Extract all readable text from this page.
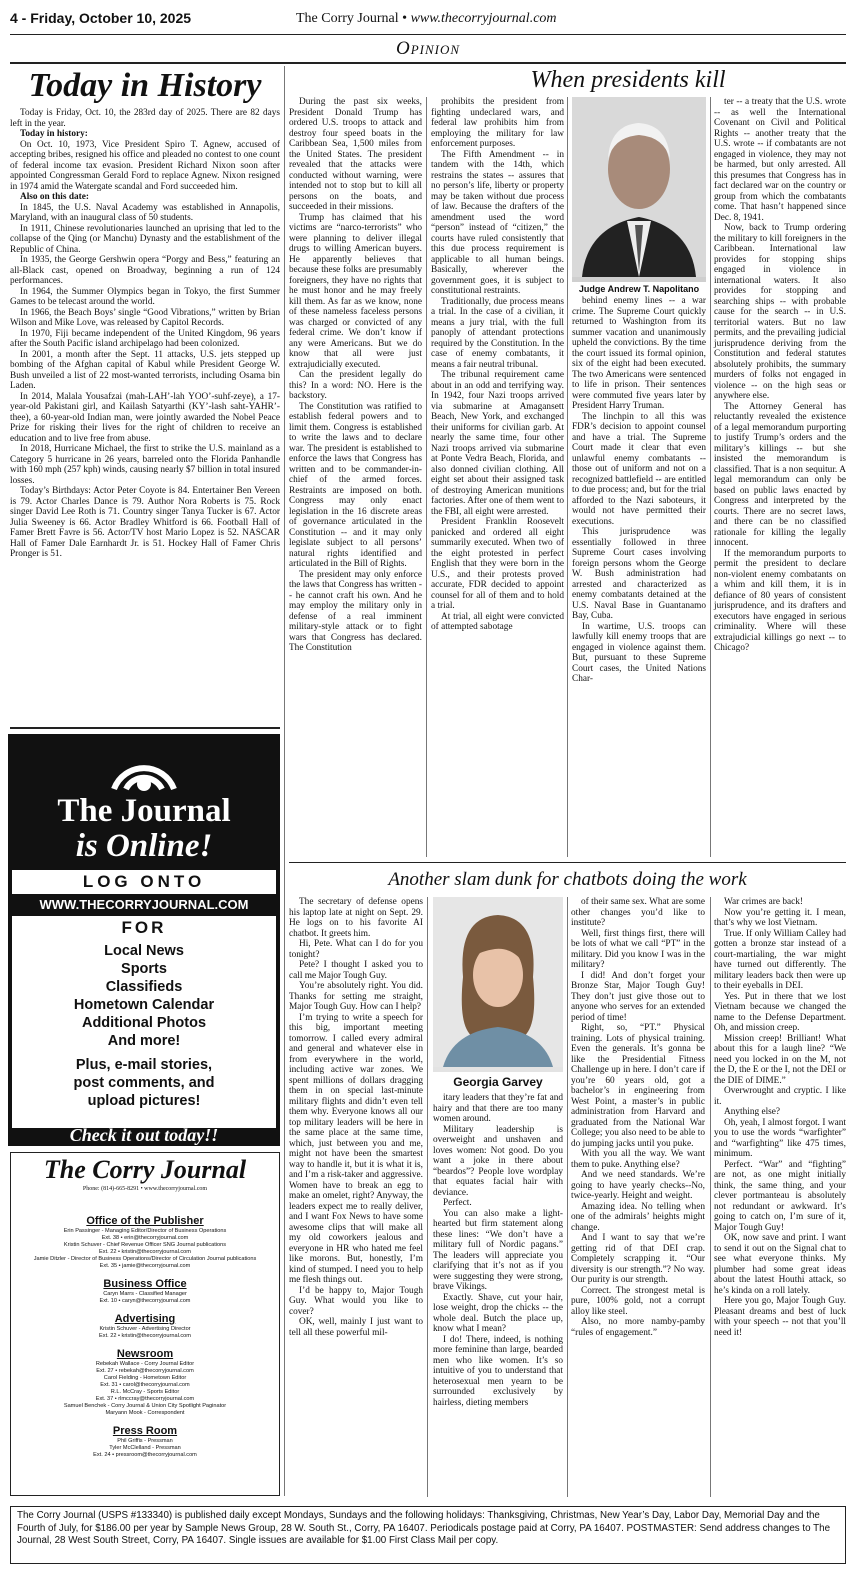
4 - Friday, October 10, 2025	The Corry Journal • www.thecorryjournal.com
Opinion
Today in History

Today is Friday, Oct. 10, the 283rd day of 2025. There are 82 days left in the year.

Today in history:

On Oct. 10, 1973, Vice President Spiro T. Agnew, accused of accepting bribes, resigned his office and pleaded no contest to one count of federal income tax evasion. President Richard Nixon soon after appointed Congressman Gerald Ford to replace Agnew. Nixon resigned in 1974 amid the Watergate scandal and Ford succeeded him.

Also on this date:

In 1845, the U.S. Naval Academy was established in Annapolis, Maryland, with an inaugural class of 50 students.

In 1911, Chinese revolutionaries launched an uprising that led to the collapse of the Qing (or Manchu) Dynasty and the establishment of the Republic of China.

In 1935, the George Gershwin opera “Porgy and Bess,” featuring an all-Black cast, opened on Broadway, beginning a run of 124 performances.

In 1964, the Summer Olympics began in Tokyo, the first Summer Games to be telecast around the world.

In 1966, the Beach Boys’ single “Good Vibrations,” written by Brian Wilson and Mike Love, was released by Capitol Records.

In 1970, Fiji became independent of the United Kingdom, 96 years after the South Pacific island archipelago had been colonized.

In 2001, a month after the Sept. 11 attacks, U.S. jets stepped up bombing of the Afghan capital of Kabul while President George W. Bush unveiled a list of 22 most-wanted terrorists, including Osama bin Laden.

In 2014, Malala Yousafzai (mah-LAH’-lah YOO’-suhf-zeye), a 17-year-old Pakistani girl, and Kailash Satyarthi (KY’-lash saht-YAHR’-thee), a 60-year-old Indian man, were jointly awarded the Nobel Peace Prize for risking their lives for the right of children to receive an education and to live free from abuse.

In 2018, Hurricane Michael, the first to strike the U.S. mainland as a Category 5 hurricane in 26 years, barreled onto the Florida Panhandle with 160 mph (257 kph) winds, causing nearly $7 billion in total insured losses.

Today’s Birthdays: Actor Peter Coyote is 84. Entertainer Ben Vereen is 79. Actor Charles Dance is 79. Author Nora Roberts is 75. Rock singer David Lee Roth is 71. Country singer Tanya Tucker is 67. Actor Julia Sweeney is 66. Actor Bradley Whitford is 66. Football Hall of Famer Brett Favre is 56. Actor/TV host Mario Lopez is 52. NASCAR Hall of Famer Dale Earnhardt Jr. is 51. Hockey Hall of Famer Chris Pronger is 51.

The Journal
is Online!
LOG ONTO
WWW.THECORRYJOURNAL.COM
FOR
Local News
Sports
Classifieds
Hometown Calendar
Additional Photos
And more!
Plus, e-mail stories,
post comments, and
upload pictures!
Check it out today!!
The Corry Journal
Phone: (814)-665-8291 • www.thecorryjournal.com
Office of the Publisher
Erin Passinger - Managing Editor/Director of Business Operations
Ext. 38 • erin@thecorryjournal.com
Kristin Schuver - Chief Revenue Officer SNG Journal publications
Ext. 22 • kristin@thecorryjournal.com
Jamie Ditzler - Director of Business Operations/Director of Circulation Journal publications
Ext. 35 • jamie@thecorryjournal.com
Business Office
Caryn Marrs - Classified Manager
Ext. 10 • caryn@thecorryjournal.com
Advertising
Kristin Schuver - Advertising Director
Ext. 22 • kristin@thecorryjournal.com
Newsroom
Rebekah Wallace - Corry Journal Editor
Ext. 27 • rebekah@thecorryjournal.com
Carol Fielding - Hometown Editor
Ext. 31 • carol@thecorryjournal.com
R.L. McCray - Sports Editor
Ext. 37 • rlmccray@thecorryjournal.com
Samuel Benchek - Corry Journal & Union City Spotlight Paginator
Maryann Mook - Correspondent
Press Room
Phil Griffis - Pressman
Tyler McClelland - Pressman
Ext. 24 • pressroom@thecorryjournal.com
When presidents kill

During the past six weeks, President Donald Trump has ordered U.S. troops to attack and destroy four speed boats in the Caribbean Sea, 1,500 miles from the United States. The president revealed that the attacks were conducted without warning, were intended not to stop but to kill all persons on the boats, and succeeded in their missions.

Trump has claimed that his victims are “narco-terrorists” who were planning to deliver illegal drugs to willing American buyers. He apparently believes that because these folks are presumably foreigners, they have no rights that he must honor and he may freely kill them. As far as we know, none of these nameless faceless persons was charged or convicted of any federal crime. We don’t know if any were Americans. But we do know that all were just extrajudicially executed.

Can the president legally do this? In a word: NO. Here is the backstory.

The Constitution was ratified to establish federal powers and to limit them. Congress is established to write the laws and to declare war. The president is established to enforce the laws that Congress has written and to be commander-in-chief of the armed forces. Restraints are imposed on both. Congress may only enact legislation in the 16 discrete areas of governance articulated in the Constitution -- and it may only legislate subject to all persons’ natural rights identified and articulated in the Bill of Rights.

The president may only enforce the laws that Congress has written -- he cannot craft his own. And he may employ the military only in defense of a real imminent military-style attack or to fight wars that Congress has declared. The Constitution

prohibits the president from fighting undeclared wars, and federal law prohibits him from employing the military for law enforcement purposes.

The Fifth Amendment -- in tandem with the 14th, which restrains the states -- assures that no person’s life, liberty or property may be taken without due process of law. Because the drafters of the amendment used the word “person” instead of “citizen,” the courts have ruled consistently that this due process requirement is applicable to all human beings. Basically, wherever the government goes, it is subject to constitutional restraints.

Traditionally, due process means a trial. In the case of a civilian, it means a jury trial, with the full panoply of attendant protections required by the Constitution. In the case of enemy combatants, it means a fair neutral tribunal.

The tribunal requirement came about in an odd and terrifying way. In 1942, four Nazi troops arrived via submarine at Amagansett Beach, New York, and exchanged their uniforms for civilian garb. At nearly the same time, four other Nazi troops arrived via submarine at Ponte Vedra Beach, Florida, and also donned civilian clothing. All eight set about their assigned task of destroying American munitions factories. After one of them went to the FBI, all eight were arrested.

President Franklin Roosevelt panicked and ordered all eight summarily executed. When two of the eight protested in perfect English that they were born in the U.S., and their protests proved accurate, FDR decided to appoint counsel for all of them and to hold a trial.

At trial, all eight were convicted of attempted sabotage

Judge Andrew T. Napolitano

behind enemy lines -- a war crime. The Supreme Court quickly returned to Washington from its summer vacation and unanimously upheld the convictions. By the time the court issued its formal opinion, six of the eight had been executed. The two Americans were sentenced to life in prison. Their sentences were commuted five years later by President Harry Truman.

The linchpin to all this was FDR’s decision to appoint counsel and have a trial. The Supreme Court made it clear that even unlawful enemy combatants -- those out of uniform and not on a recognized battlefield -- are entitled to due process; and, but for the trial afforded to the Nazi saboteurs, it would not have permitted their executions.

This jurisprudence was essentially followed in three Supreme Court cases involving foreign persons whom the George W. Bush administration had arrested and characterized as enemy combatants detained at the U.S. Naval Base in Guantanamo Bay, Cuba.

In wartime, U.S. troops can lawfully kill enemy troops that are engaged in violence against them. But, pursuant to these Supreme Court cases, the United Nations Char-

ter -- a treaty that the U.S. wrote -- as well the International Covenant on Civil and Political Rights -- another treaty that the U.S. wrote -- if combatants are not engaged in violence, they may not be harmed, but only arrested. All this presumes that Congress has in fact declared war on the country or group from which the combatants come. That hasn’t happened since Dec. 8, 1941.

Now, back to Trump ordering the military to kill foreigners in the Caribbean. International law provides for stopping ships engaged in violence in international waters. It also provides for stopping and searching ships -- with probable cause for the search -- in U.S. territorial waters. But no law permits, and the prevailing judicial jurisprudence deriving from the Constitution and federal statutes absolutely prohibits, the summary murders of folks not engaged in violence -- on the high seas or anywhere else.

The Attorney General has reluctantly revealed the existence of a legal memorandum purporting to justify Trump’s orders and the military’s killings -- but she insisted the memorandum is classified. That is a non sequitur. A legal memorandum can only be based on public laws enacted by Congress and interpreted by the courts. There are no secret laws, and there can be no classified rationale for killing the legally innocent.

If the memorandum purports to permit the president to declare non-violent enemy combatants on a whim and kill them, it is in defiance of 80 years of consistent jurisprudence, and its drafters and executors have engaged in serious criminality. Where will these extrajudicial killings go next -- to Chicago?

Another slam dunk for chatbots doing the work

The secretary of defense opens his laptop late at night on Sept. 29. He logs on to his favorite AI chatbot. It greets him.

Hi, Pete. What can I do for you tonight?

Pete? I thought I asked you to call me Major Tough Guy.

You’re absolutely right. You did. Thanks for setting me straight, Major Tough Guy. How can I help?

I’m trying to write a speech for this big, important meeting tomorrow. I called every admiral and general and whatever else in from everywhere in the world, including active war zones. We spent millions of dollars dragging them in on special last-minute military flights and didn’t even tell them why. Everyone knows all our top military leaders will be here in the same place at the same time, which, just between you and me, might not have been the smartest way to handle it, but it is what it is, and I’m a risk-taker and aggressive. Women have to break an egg to make an omelet, right? Anyway, the leaders expect me to really deliver, and I want Fox News to have some awesome clips that will make all my old coworkers jealous and everyone in HR who hated me feel like morons. But, honestly, I’m kind of stumped. I need you to help me flesh things out.

I’d be happy to, Major Tough Guy. What would you like to cover?

OK, well, mainly I just want to tell all these powerful mil-

Georgia Garvey

itary leaders that they’re fat and hairy and that there are too many women around.

Military leadership is overweight and unshaven and loves women: Not good. Do you want a joke in there about “beardos”? People love wordplay that equates facial hair with deviance.

Perfect.

You can also make a light-hearted but firm statement along these lines: “We don’t have a military full of Nordic pagans.” The leaders will appreciate you clarifying that it’s not as if you were suggesting they were strong, brave Vikings.

Exactly. Shave, cut your hair, lose weight, drop the chicks -- the whole deal. Butch the place up, know what I mean?

I do! There, indeed, is nothing more feminine than large, bearded men who like women. It’s so intuitive of you to understand that heterosexual men yearn to be surrounded exclusively by hairless, dieting members

of their same sex. What are some other changes you’d like to institute?

Well, first things first, there will be lots of what we call “PT” in the military. Did you know I was in the military?

I did! And don’t forget your Bronze Star, Major Tough Guy! They don’t just give those out to anyone who serves for an extended period of time!

Right, so, “PT.” Physical training. Lots of physical training. Even the generals. It’s gonna be like the Presidential Fitness Challenge up in here. I don’t care if you’re 60 years old, got a bachelor’s in engineering from West Point, a master’s in public administration from Harvard and graduated from the National War College; you also need to be able to do jumping jacks until you puke.

With you all the way. We want them to puke. Anything else?

And we need standards. We’re going to have yearly checks--No, twice-yearly. Height and weight.

Amazing idea. No telling when one of the admirals’ heights might change.

And I want to say that we’re getting rid of that DEI crap. Completely scrapping it. “Our diversity is our strength.”? No way. Our purity is our strength.

Correct. The strongest metal is pure, 100% gold, not a corrupt alloy like steel.

Also, no more namby-pamby “rules of engagement.”

War crimes are back!

Now you’re getting it. I mean, that’s why we lost Vietnam.

True. If only William Calley had gotten a bronze star instead of a court-martialing, the war might have turned out differently. The military leaders back then were up to their eyeballs in DEI.

Yes. Put in there that we lost Vietnam because we changed the name to the Defense Department. Oh, and mission creep.

Mission creep! Brilliant! What about this for a laugh line? “We need you locked in on the M, not the D, the E or the I, not the DEI or the DIE of DIME.”

Overwrought and cryptic. I like it.

Anything else?

Oh, yeah, I almost forgot. I want you to use the words “warfighter” and “warfighting” like 475 times, minimum.

Perfect. “War” and “fighting” are not, as one might initially think, the same thing, and your clever portmanteau is absolutely not redundant or awkward. It’s going to catch on, I’m sure of it, Major Tough Guy!

OK, now save and print. I want to send it out on the Signal chat to see what everyone thinks. My plumber had some great ideas about the latest Houthi attack, so he’s kinda on a roll lately.

Here you go, Major Tough Guy. Pleasant dreams and best of luck with your speech -- not that you’ll need it!

The Corry Journal (USPS #133340) is published daily except Mondays, Sundays and the following holidays: Thanksgiving, Christmas, New Year’s Day, Labor Day, Memorial Day and the Fourth of July, for $186.00 per year by Sample News Group, 28 W. South St., Corry, PA 16407. Periodicals postage paid at Corry, PA 16407. POSTMASTER: Send address changes to The Journal, 28 West South Street, Corry, PA 16407. Single issues are available for $1.00 First Class Mail per copy.
